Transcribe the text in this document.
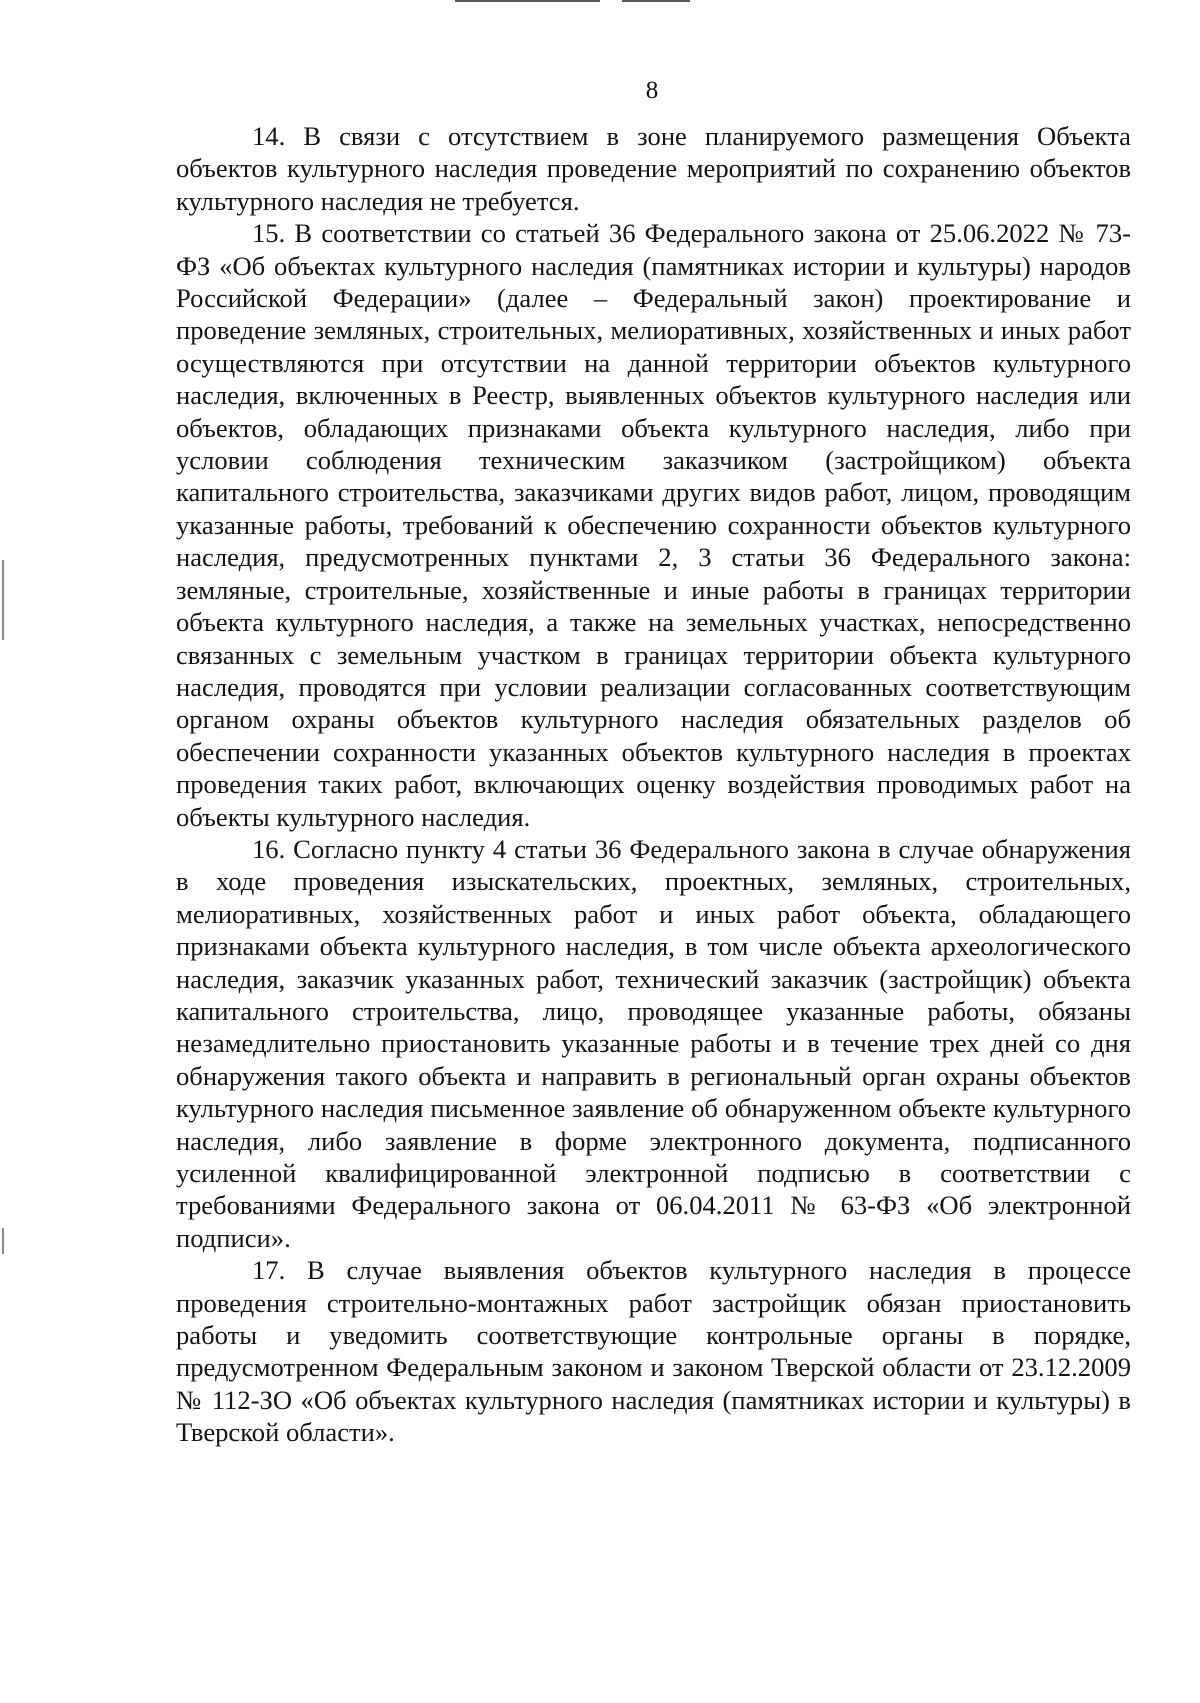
8

14. В связи с отсутствием в зоне планируемого размещения Объекта объектов культурного наследия проведение мероприятий по сохранению объектов культурного наследия не требуется.

15. В соответствии со статьей 36 Федерального закона от 25.06.2022 № 73-ФЗ «Об объектах культурного наследия (памятниках истории и культуры) народов Российской Федерации» (далее – Федеральный закон) проектирование и проведение земляных, строительных, мелиоративных, хозяйственных и иных работ осуществляются при отсутствии на данной территории объектов культурного наследия, включенных в Реестр, выявленных объектов культурного наследия или объектов, обладающих признаками объекта культурного наследия, либо при условии соблюдения техническим заказчиком (застройщиком) объекта капитального строительства, заказчиками других видов работ, лицом, проводящим указанные работы, требований к обеспечению сохранности объектов культурного наследия, предусмотренных пунктами 2, 3 статьи 36 Федерального закона: земляные, строительные, хозяйственные и иные работы в границах территории объекта культурного наследия, а также на земельных участках, непосредственно связанных с земельным участком в границах территории объекта культурного наследия, проводятся при условии реализации согласованных соответствующим органом охраны объектов культурного наследия обязательных разделов об обеспечении сохранности указанных объектов культурного наследия в проектах проведения таких работ, включающих оценку воздействия проводимых работ на объекты культурного наследия.

16. Согласно пункту 4 статьи 36 Федерального закона в случае обнаружения в ходе проведения изыскательских, проектных, земляных, строительных, мелиоративных, хозяйственных работ и иных работ объекта, обладающего признаками объекта культурного наследия, в том числе объекта археологического наследия, заказчик указанных работ, технический заказчик (застройщик) объекта капитального строительства, лицо, проводящее указанные работы, обязаны незамедлительно приостановить указанные работы и в течение трех дней со дня обнаружения такого объекта и направить в региональный орган охраны объектов культурного наследия письменное заявление об обнаруженном объекте культурного наследия, либо заявление в форме электронного документа, подписанного усиленной квалифицированной электронной подписью в соответствии с требованиями Федерального закона от 06.04.2011 № 63-ФЗ «Об электронной подписи».

17. В случае выявления объектов культурного наследия в процессе проведения строительно-монтажных работ застройщик обязан приостановить работы и уведомить соответствующие контрольные органы в порядке, предусмотренном Федеральным законом и законом Тверской области от 23.12.2009 № 112-ЗО «Об объектах культурного наследия (памятниках истории и культуры) в Тверской области».
